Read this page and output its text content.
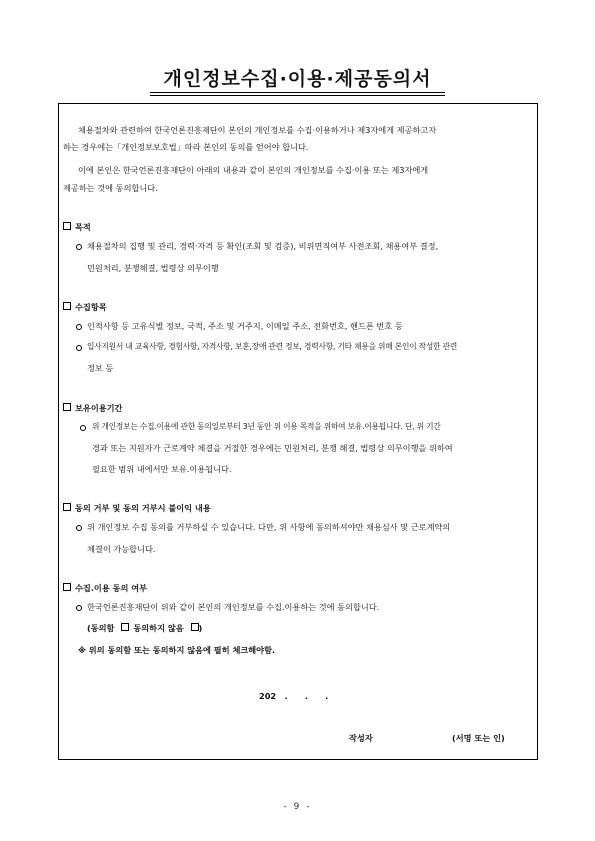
개인정보수집·이용·제공동의서
채용절차와 관련하여 한국언론진흥재단이 본인의 개인정보를 수집·이용하거나 제3자에게 제공하고자
하는 경우에는「개인정보보호법」따라 본인의 동의를 얻어야 합니다.
이에 본인은 한국언론진흥재단이 아래의 내용과 같이 본인의 개인정보를 수집·이용 또는 제3자에게
제공하는 것에 동의합니다.
목적
채용절차의 집행 및 관리, 경력·자격 등 확인(조회 및 검증), 비위면직여부 사전조회, 채용여부 결정,
민원처리, 분쟁해결, 법령상 의무이행
수집항목
인적사항 등 고유식별 정보, 국적, 주소 및 거주지, 이메일 주소, 전화번호, 핸드폰 번호 등
입사지원서 내 교육사항, 경험사항, 자격사항, 보훈,장애 관련 정보, 경력사항, 기타 채용을 위해 본인이 작성한 관련
정보 등
보유이용기간
위 개인정보는 수집.이용에 관한 동의일로부터 3년 동안 위 이용 목적을 위하여 보유.이용됩니다. 단, 위 기간
경과 또는 지원자가 근로계약 체결을 거절한 경우에는 민원처리, 분쟁 해결, 법령상 의무이행을 위하여
필요한 범위 내에서만 보유.이용됩니다.
동의 거부 및 동의 거부시 불이익 내용
위 개인정보 수집 동의를 거부하실 수 있습니다. 다만, 위 사항에 동의하셔야만 채용심사 및 근로계약의
체결이 가능합니다.
수집.이용 동의 여부
한국언론진흥재단이 위와 같이 본인의 개인정보를 수집.이용하는 것에 동의합니다.
(동의함 동의하지 않음 )
※ 위의 동의함 또는 동의하지 않음에 필히 체크해야함.
202   .      .      .
작성자	(서명 또는 인)
- 9 -
